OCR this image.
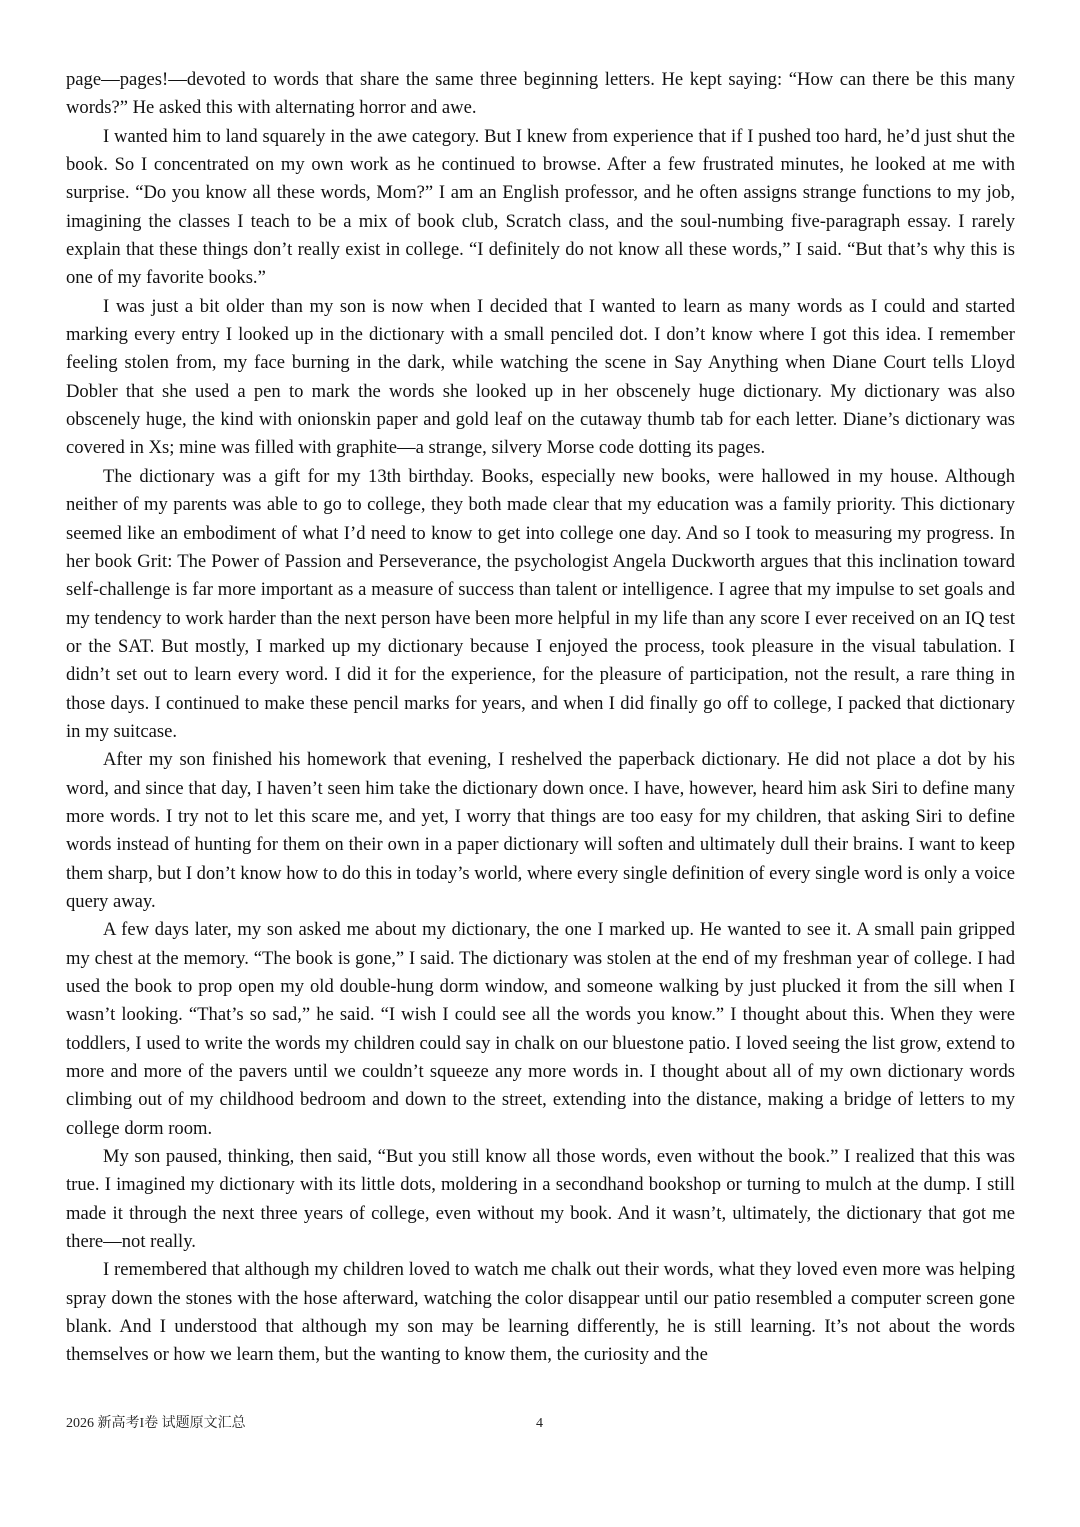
page—pages!—devoted to words that share the same three beginning letters. He kept saying: “How can there be this many words?” He asked this with alternating horror and awe.

I wanted him to land squarely in the awe category. But I knew from experience that if I pushed too hard, he’d just shut the book. So I concentrated on my own work as he continued to browse. After a few frustrated minutes, he looked at me with surprise. “Do you know all these words, Mom?” I am an English professor, and he often assigns strange functions to my job, imagining the classes I teach to be a mix of book club, Scratch class, and the soul-numbing five-paragraph essay. I rarely explain that these things don’t really exist in college. “I definitely do not know all these words,” I said. “But that’s why this is one of my favorite books.”

I was just a bit older than my son is now when I decided that I wanted to learn as many words as I could and started marking every entry I looked up in the dictionary with a small penciled dot. I don’t know where I got this idea. I remember feeling stolen from, my face burning in the dark, while watching the scene in Say Anything when Diane Court tells Lloyd Dobler that she used a pen to mark the words she looked up in her obscenely huge dictionary. My dictionary was also obscenely huge, the kind with onionskin paper and gold leaf on the cutaway thumb tab for each letter. Diane’s dictionary was covered in Xs; mine was filled with graphite—a strange, silvery Morse code dotting its pages.

The dictionary was a gift for my 13th birthday. Books, especially new books, were hallowed in my house. Although neither of my parents was able to go to college, they both made clear that my education was a family priority. This dictionary seemed like an embodiment of what I’d need to know to get into college one day. And so I took to measuring my progress. In her book Grit: The Power of Passion and Perseverance, the psychologist Angela Duckworth argues that this inclination toward self-challenge is far more important as a measure of success than talent or intelligence. I agree that my impulse to set goals and my tendency to work harder than the next person have been more helpful in my life than any score I ever received on an IQ test or the SAT. But mostly, I marked up my dictionary because I enjoyed the process, took pleasure in the visual tabulation. I didn’t set out to learn every word. I did it for the experience, for the pleasure of participation, not the result, a rare thing in those days. I continued to make these pencil marks for years, and when I did finally go off to college, I packed that dictionary in my suitcase.

After my son finished his homework that evening, I reshelved the paperback dictionary. He did not place a dot by his word, and since that day, I haven’t seen him take the dictionary down once. I have, however, heard him ask Siri to define many more words. I try not to let this scare me, and yet, I worry that things are too easy for my children, that asking Siri to define words instead of hunting for them on their own in a paper dictionary will soften and ultimately dull their brains. I want to keep them sharp, but I don’t know how to do this in today’s world, where every single definition of every single word is only a voice query away.

A few days later, my son asked me about my dictionary, the one I marked up. He wanted to see it. A small pain gripped my chest at the memory. “The book is gone,” I said. The dictionary was stolen at the end of my freshman year of college. I had used the book to prop open my old double-hung dorm window, and someone walking by just plucked it from the sill when I wasn’t looking. “That’s so sad,” he said. “I wish I could see all the words you know.” I thought about this. When they were toddlers, I used to write the words my children could say in chalk on our bluestone patio. I loved seeing the list grow, extend to more and more of the pavers until we couldn’t squeeze any more words in. I thought about all of my own dictionary words climbing out of my childhood bedroom and down to the street, extending into the distance, making a bridge of letters to my college dorm room.

My son paused, thinking, then said, “But you still know all those words, even without the book.” I realized that this was true. I imagined my dictionary with its little dots, moldering in a secondhand bookshop or turning to mulch at the dump. I still made it through the next three years of college, even without my book. And it wasn’t, ultimately, the dictionary that got me there—not really.

I remembered that although my children loved to watch me chalk out their words, what they loved even more was helping spray down the stones with the hose afterward, watching the color disappear until our patio resembled a computer screen gone blank. And I understood that although my son may be learning differently, he is still learning. It’s not about the words themselves or how we learn them, but the wanting to know them, the curiosity and the

2026 新高考I卷 试题原文汇总	4
